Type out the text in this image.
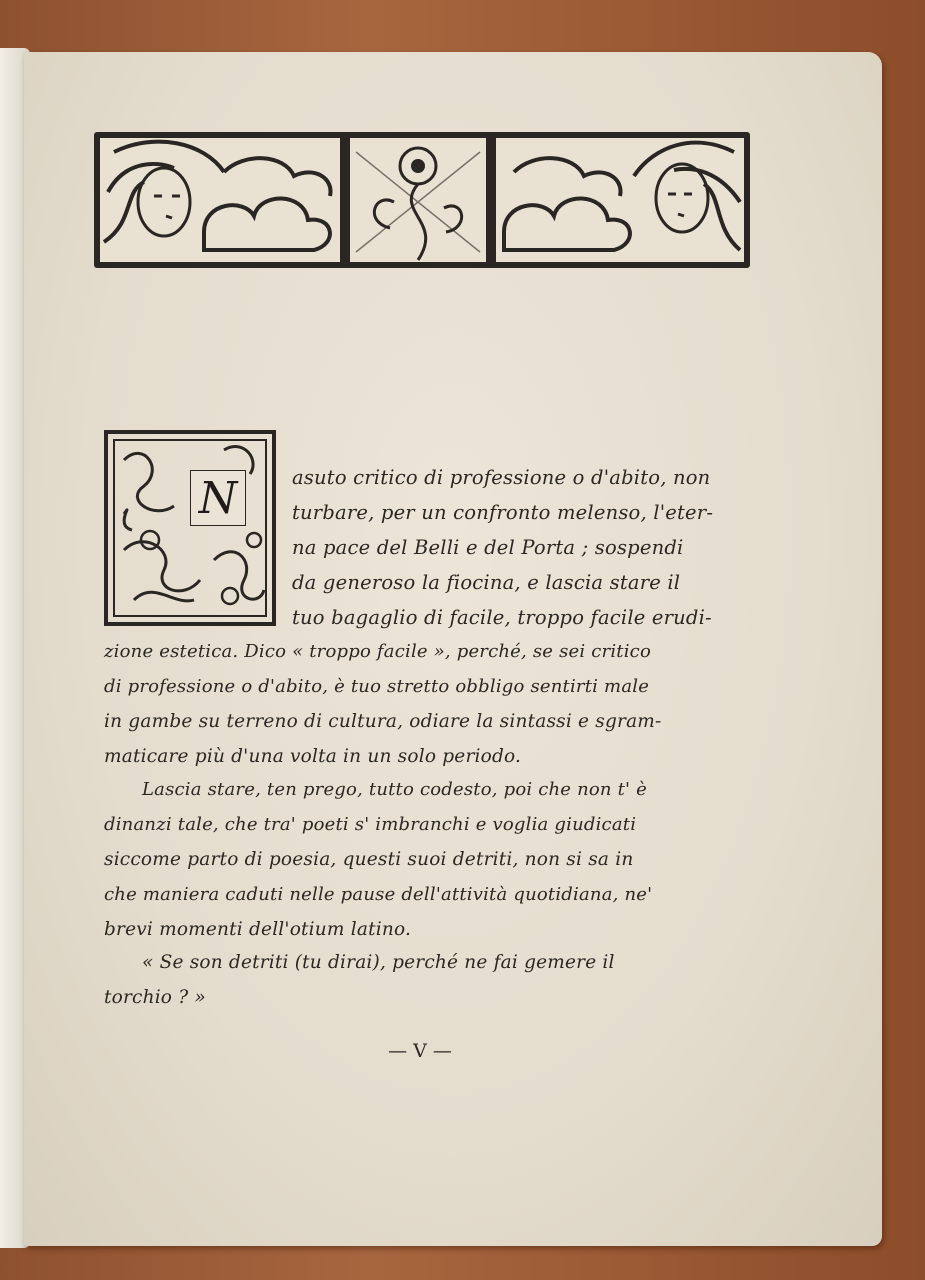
N	asuto critico di professione o d'abito, non
turbare, per un confronto melenso, l'eter-
na pace del Belli e del Porta ; sospendi
da generoso la fiocina, e lascia stare il
tuo bagaglio di facile, troppo facile erudi-
zione estetica. Dico « troppo facile », perché, se sei critico
di professione o d'abito, è tuo stretto obbligo sentirti male
in gambe su terreno di cultura, odiare la sintassi e sgram-
maticare più d'una volta in un solo periodo.
Lascia stare, ten prego, tutto codesto, poi che non t' è
dinanzi tale, che tra' poeti s' imbranchi e voglia giudicati
siccome parto di poesia, questi suoi detriti, non si sa in
che maniera caduti nelle pause dell'attività quotidiana, ne'
brevi momenti dell'otium latino.
« Se son detriti (tu dirai), perché ne fai gemere il
torchio ? »
— V —
